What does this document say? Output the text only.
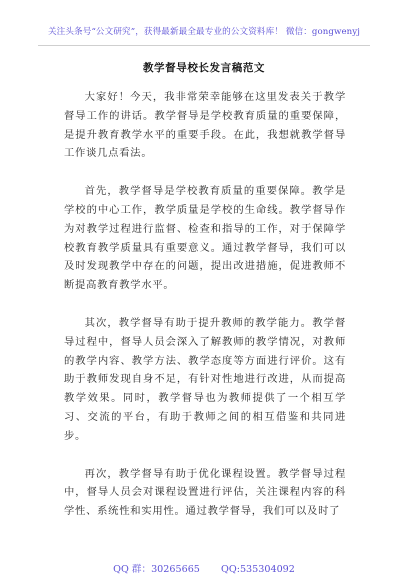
关注头条号“公文研究”，获得最新最全最专业的公文资料库！ 微信：gongwenyj
教学督导校长发言稿范文

大家好！今天，我非常荣幸能够在这里发表关于教学督导工作的讲话。教学督导是学校教育质量的重要保障，是提升教育教学水平的重要手段。在此，我想就教学督导工作谈几点看法。

首先，教学督导是学校教育质量的重要保障。教学是学校的中心工作，教学质量是学校的生命线。教学督导作为对教学过程进行监督、检查和指导的工作，对于保障学校教育教学质量具有重要意义。通过教学督导，我们可以及时发现教学中存在的问题，提出改进措施，促进教师不断提高教育教学水平。

其次，教学督导有助于提升教师的教学能力。教学督导过程中，督导人员会深入了解教师的教学情况，对教师的教学内容、教学方法、教学态度等方面进行评价。这有助于教师发现自身不足，有针对性地进行改进，从而提高教学效果。同时，教学督导也为教师提供了一个相互学习、交流的平台，有助于教师之间的相互借鉴和共同进步。

再次，教学督导有助于优化课程设置。教学督导过程中，督导人员会对课程设置进行评估，关注课程内容的科学性、系统性和实用性。通过教学督导，我们可以及时了

QQ 群：30265665 QQ:535304092
